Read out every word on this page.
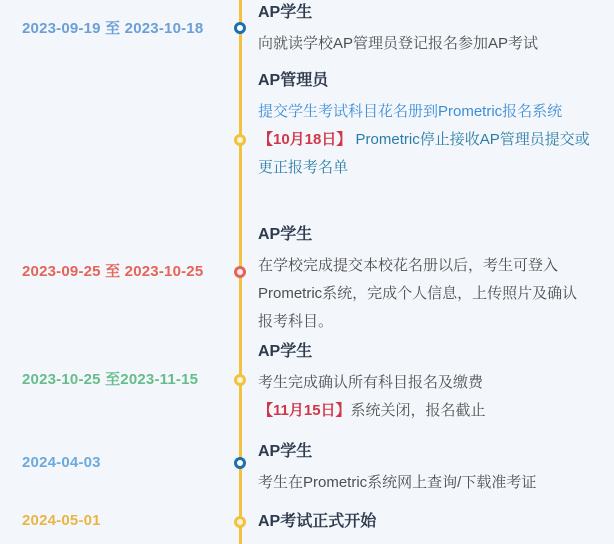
2023-09-19 至 2023-10-18
AP学生

向就读学校AP管理员登记报名参加AP考试

AP管理员

提交学生考试科目花名册到Prometric报名系统

【10月18日】 Prometric停止接收AP管理员提交或更正报考名单

2023-09-25 至 2023-10-25
AP学生

在学校完成提交本校花名册以后，考生可登入Prometric系统，完成个人信息，上传照片及确认报考科目。

2023-10-25 至2023-11-15
AP学生

考生完成确认所有科目报名及缴费

【11月15日】系统关闭，报名截止

2024-04-03
AP学生

考生在Prometric系统网上查询/下载准考证

2024-05-01	AP考试正式开始
